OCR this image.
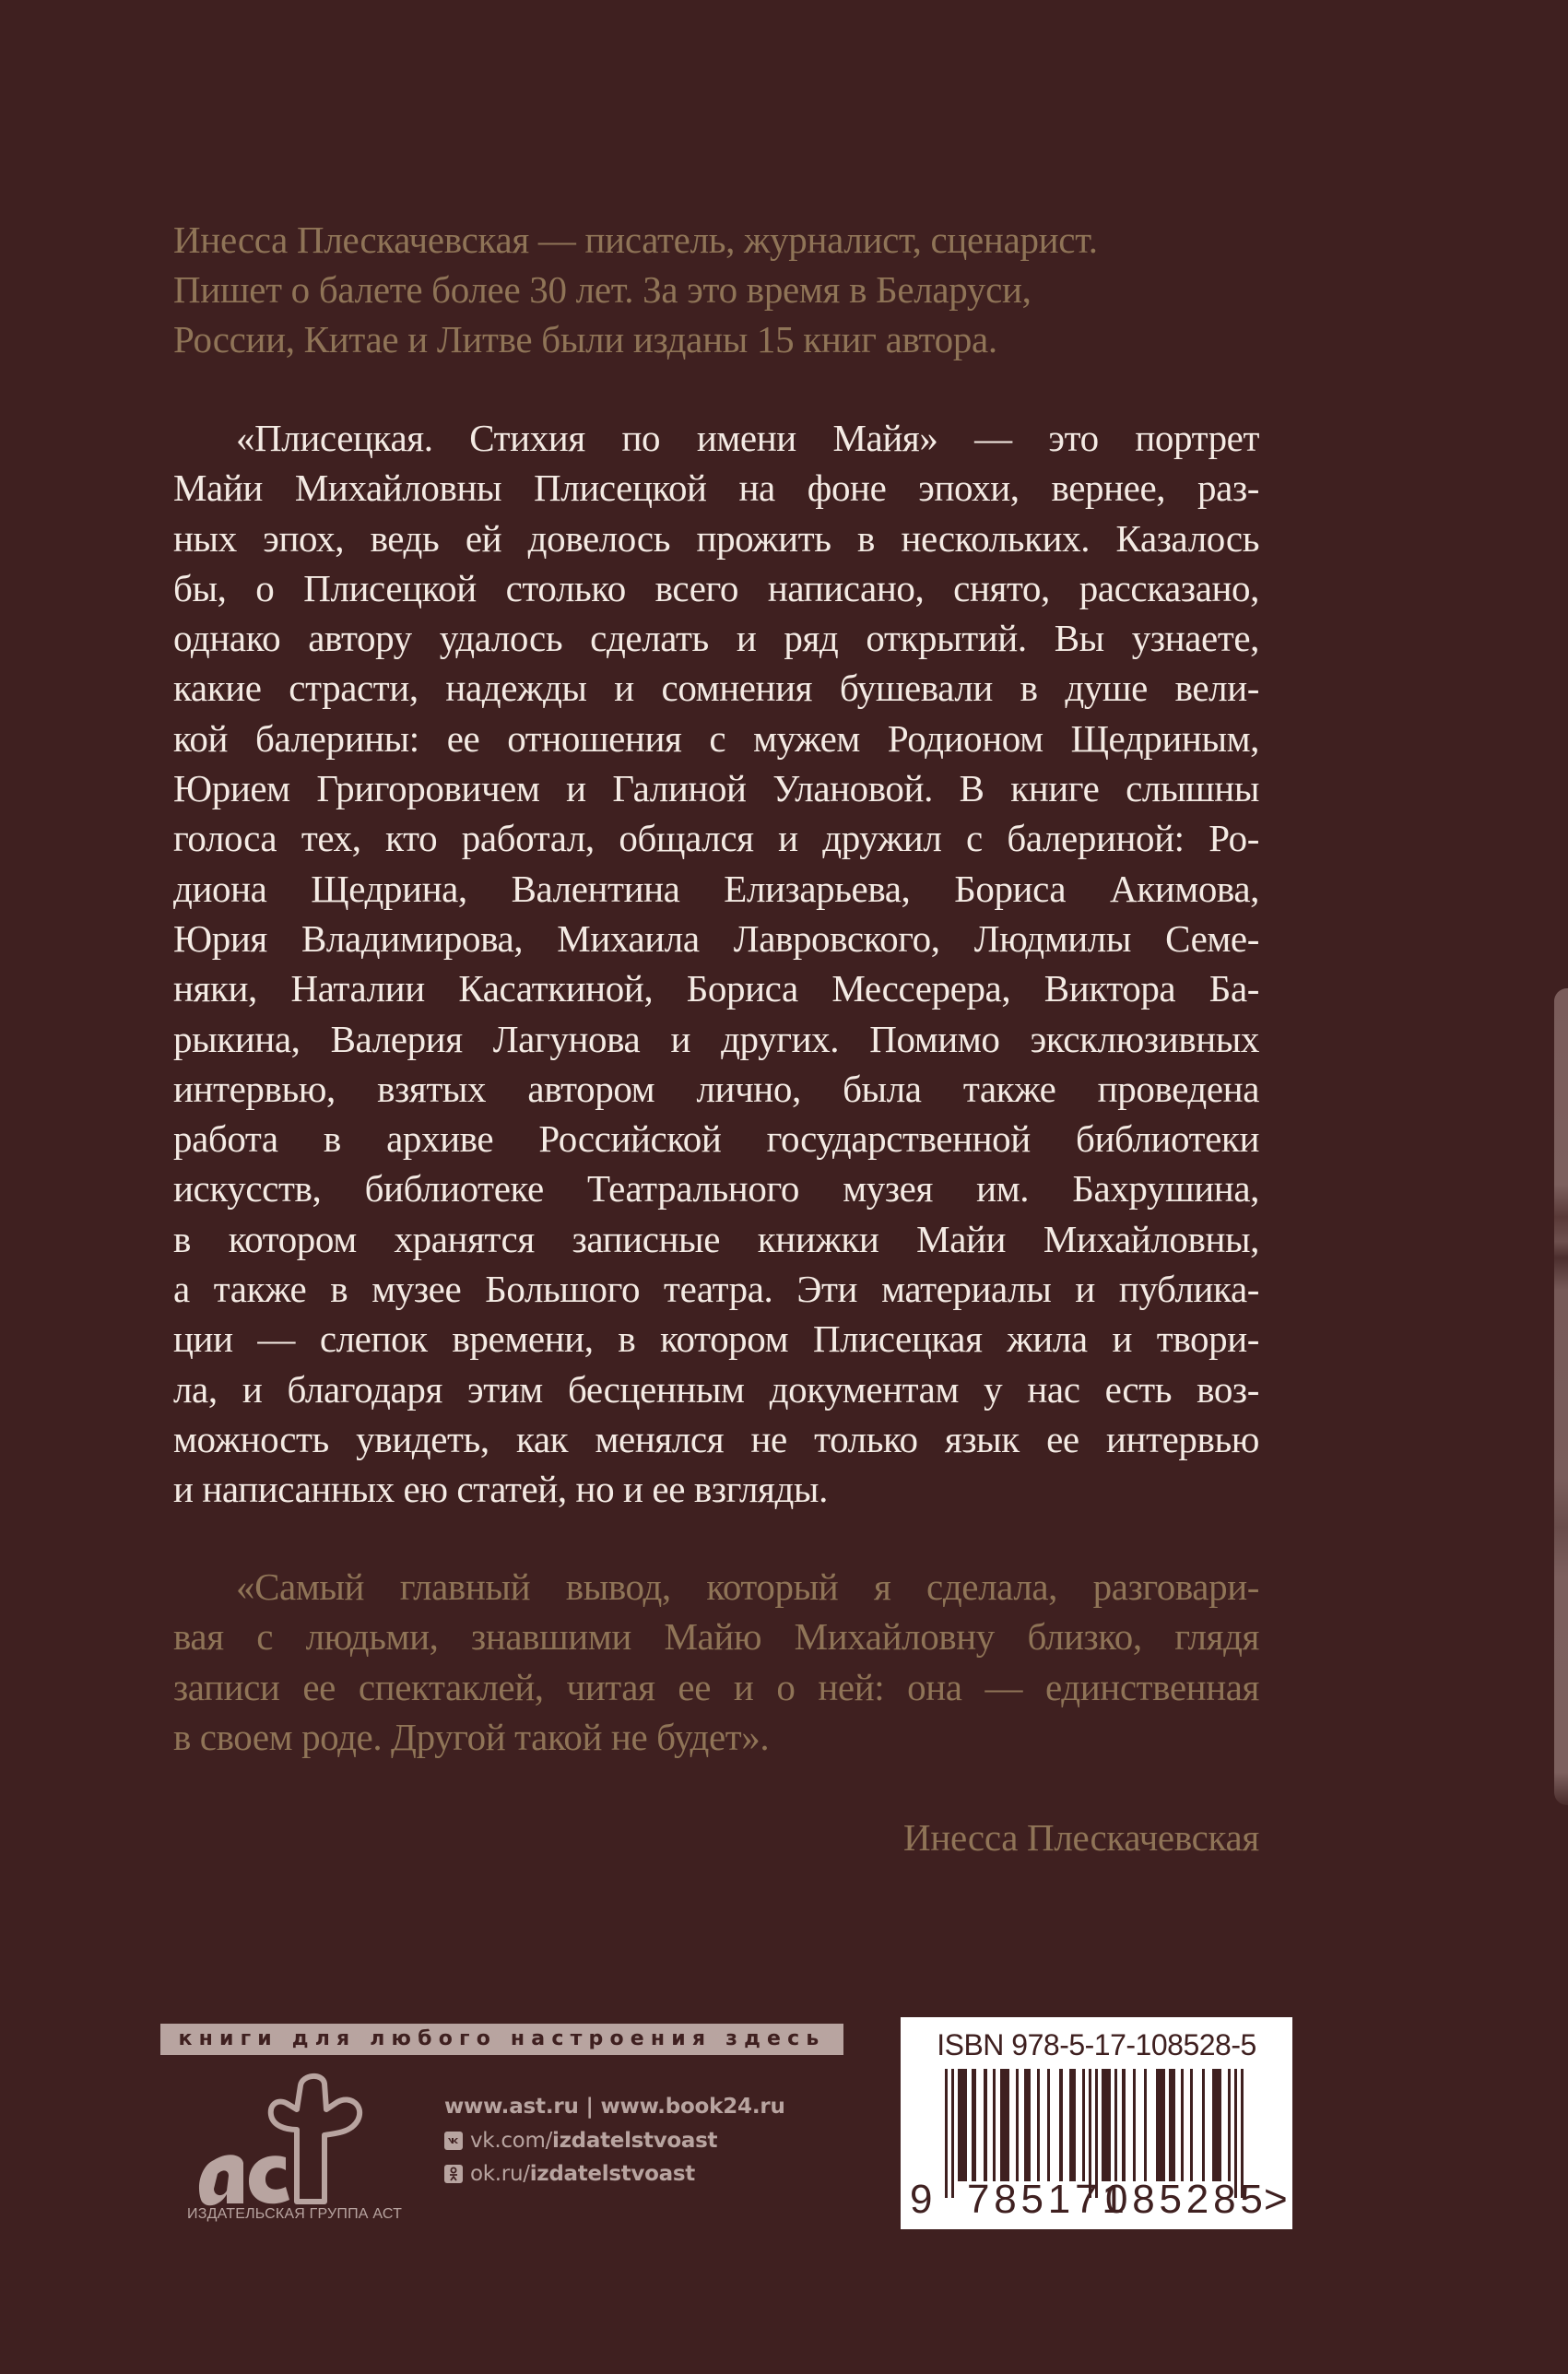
Инесса Плескачевская — писатель, журналист, сценарист.
Пишет о балете более 30 лет. За это время в Беларуси,
России, Китае и Литве были изданы 15 книг автора.
«Плисецкая. Стихия по имени Майя» — это портрет
Майи Михайловны Плисецкой на фоне эпохи, вернее, раз-
ных эпох, ведь ей довелось прожить в нескольких. Казалось
бы, о Плисецкой столько всего написано, снято, рассказано,
однако автору удалось сделать и ряд открытий. Вы узнаете,
какие страсти, надежды и сомнения бушевали в душе вели-
кой балерины: ее отношения с мужем Родионом Щедриным,
Юрием Григоровичем и Галиной Улановой. В книге слышны
голоса тех, кто работал, общался и дружил с балериной: Ро-
диона Щедрина, Валентина Елизарьева, Бориса Акимова,
Юрия Владимирова, Михаила Лавровского, Людмилы Семе-
няки, Наталии Касаткиной, Бориса Мессерера, Виктора Ба-
рыкина, Валерия Лагунова и других. Помимо эксклюзивных
интервью, взятых автором лично, была также проведена
работа в архиве Российской государственной библиотеки
искусств, библиотеке Театрального музея им. Бахрушина,
в котором хранятся записные книжки Майи Михайловны,
а также в музее Большого театра. Эти материалы и публика-
ции — слепок времени, в котором Плисецкая жила и твори-
ла, и благодаря этим бесценным документам у нас есть воз-
можность увидеть, как менялся не только язык ее интервью
и написанных ею статей, но и ее взгляды.
«Самый главный вывод, который я сделала, разговари-
вая с людьми, знавшими Майю Михайловну близко, глядя
записи ее спектаклей, читая ее и о ней: она — единственная
в своем роде. Другой такой не будет».
Инесса Плескачевская
книги для любого настроения здесь
ИЗДАТЕЛЬСКАЯ ГРУППА АСТ
www.ast.ru | www.book24.ru
vk.com/ izdatelstvoast
ok.ru/ izdatelstvoast
ISBN 978-5-17-108528-5
9 785171
085285
>
